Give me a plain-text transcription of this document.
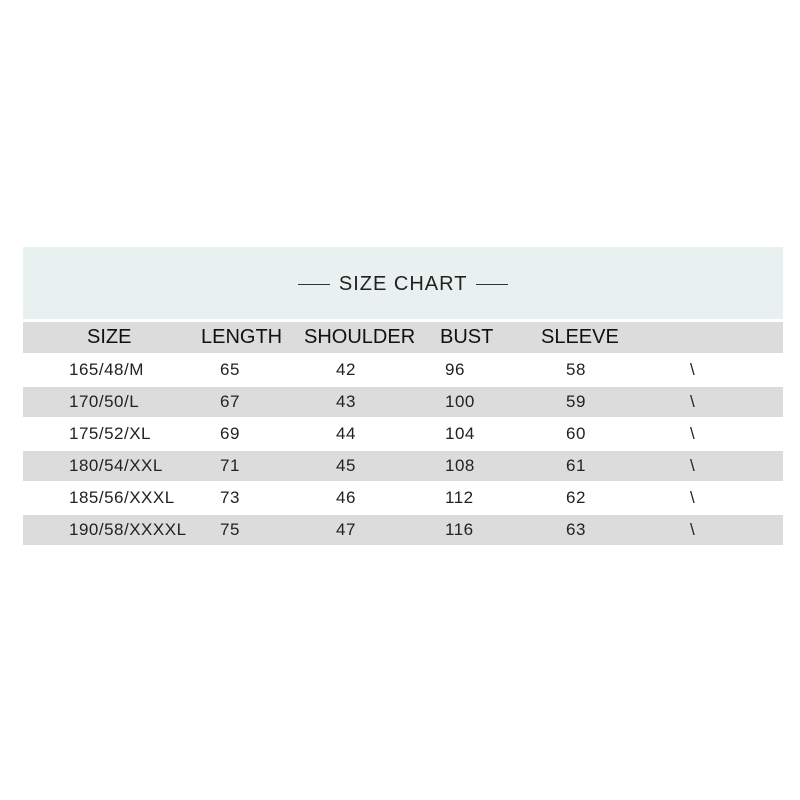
SIZE CHART
SIZE	LENGTH SHOULDER BUST SLEEVE
165/48/M	65	42	96	58	\
170/50/L	67	43	100	59	\
175/52/XL	69	44	104	60	\
180/54/XXL	71	45	108	61	\
185/56/XXXL	73	46	112	62	\
190/58/XXXXL 75	47	116	63	\
